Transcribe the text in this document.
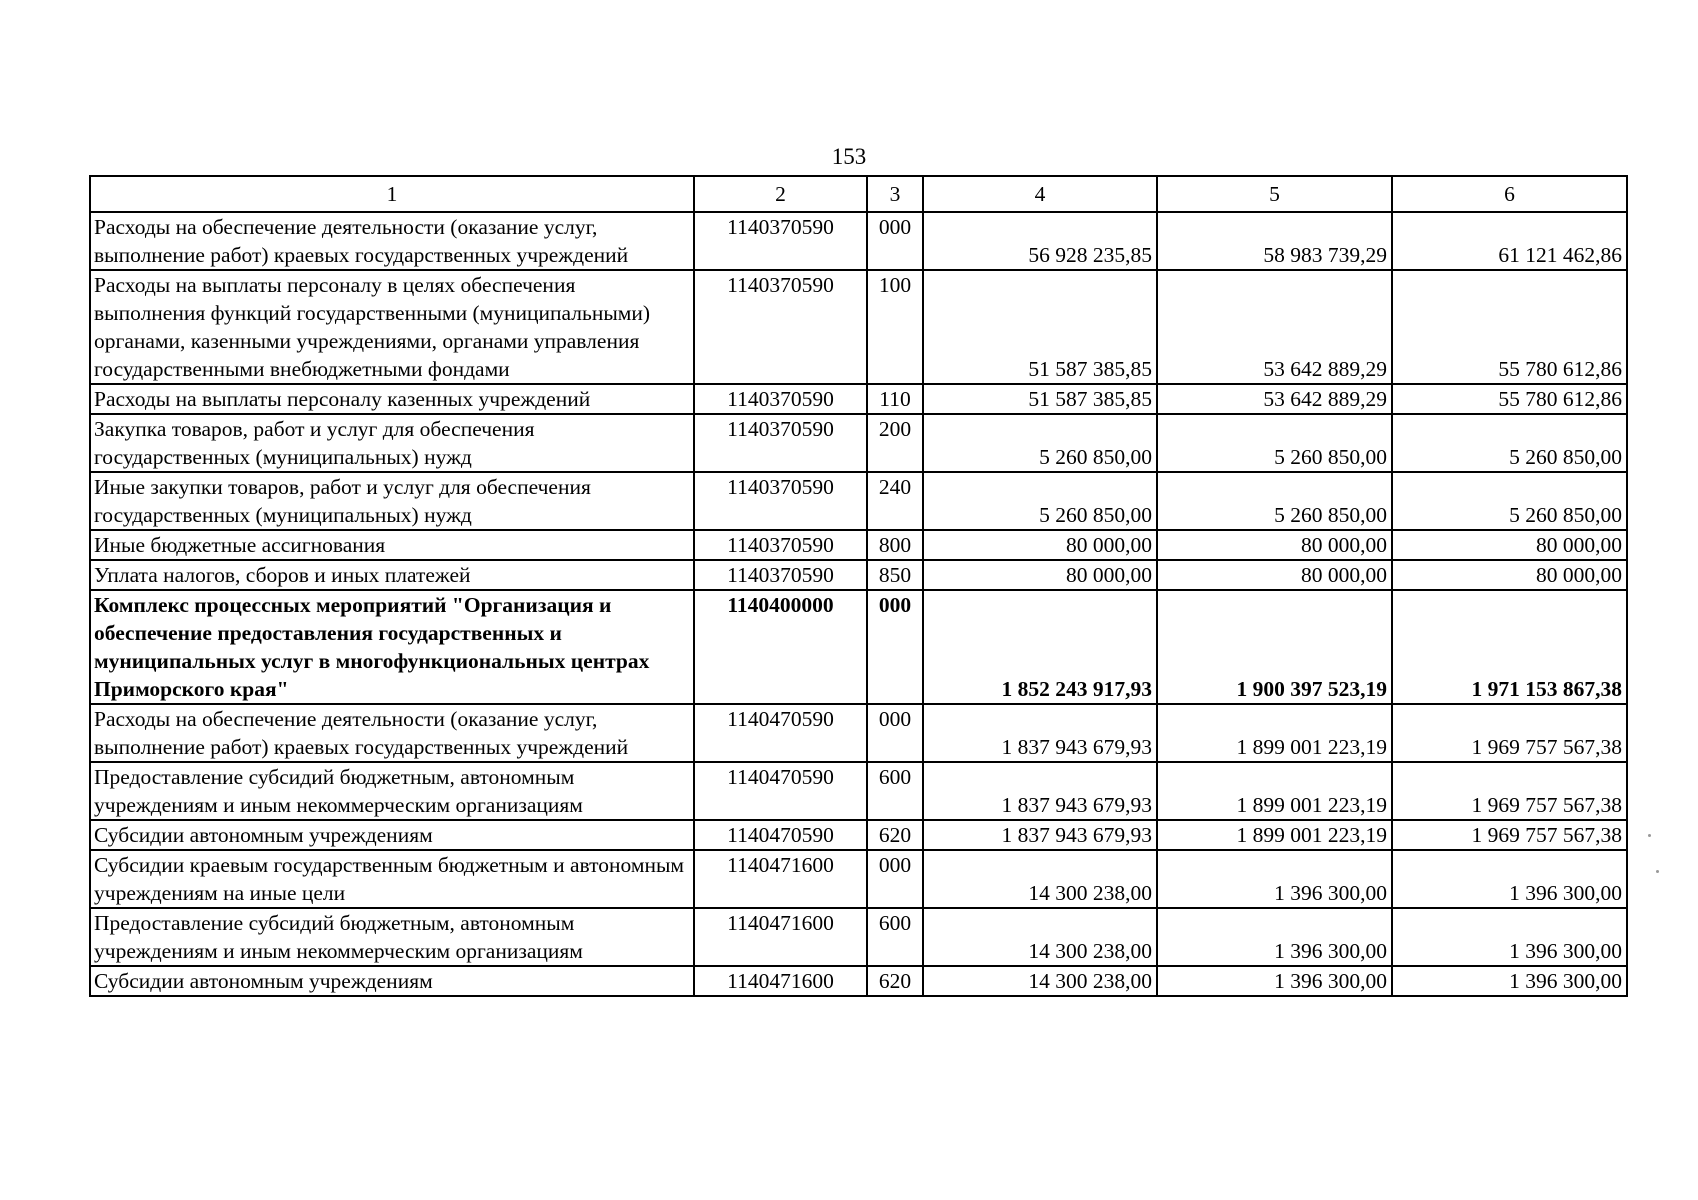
153
1	2	3	4	5	6
Расходы на обеспечение деятельности (оказание услуг, выполнение работ) краевых государственных учреждений	1140370590	000	56 928 235,85	58 983 739,29	61 121 462,86
Расходы на выплаты персоналу в целях обеспечения выполнения функций государственными (муниципальными) органами, казенными учреждениями, органами управления государственными внебюджетными фондами	1140370590	100	51 587 385,85	53 642 889,29	55 780 612,86
Расходы на выплаты персоналу казенных учреждений	1140370590	110	51 587 385,85	53 642 889,29	55 780 612,86
Закупка товаров, работ и услуг для обеспечения государственных (муниципальных) нужд	1140370590	200	5 260 850,00	5 260 850,00	5 260 850,00
Иные закупки товаров, работ и услуг для обеспечения государственных (муниципальных) нужд	1140370590	240	5 260 850,00	5 260 850,00	5 260 850,00
Иные бюджетные ассигнования	1140370590	800	80 000,00	80 000,00	80 000,00
Уплата налогов, сборов и иных платежей	1140370590	850	80 000,00	80 000,00	80 000,00
Комплекс процессных мероприятий "Организация и обеспечение предоставления государственных и муниципальных услуг в многофункциональных центрах Приморского края"	1140400000	000	1 852 243 917,93	1 900 397 523,19	1 971 153 867,38
Расходы на обеспечение деятельности (оказание услуг, выполнение работ) краевых государственных учреждений	1140470590	000	1 837 943 679,93	1 899 001 223,19	1 969 757 567,38
Предоставление субсидий бюджетным, автономным учреждениям и иным некоммерческим организациям	1140470590	600	1 837 943 679,93	1 899 001 223,19	1 969 757 567,38
Субсидии автономным учреждениям	1140470590	620	1 837 943 679,93	1 899 001 223,19	1 969 757 567,38
Субсидии краевым государственным бюджетным и автономным учреждениям на иные цели	1140471600	000	14 300 238,00	1 396 300,00	1 396 300,00
Предоставление субсидий бюджетным, автономным учреждениям и иным некоммерческим организациям	1140471600	600	14 300 238,00	1 396 300,00	1 396 300,00
Субсидии автономным учреждениям	1140471600	620	14 300 238,00	1 396 300,00	1 396 300,00
